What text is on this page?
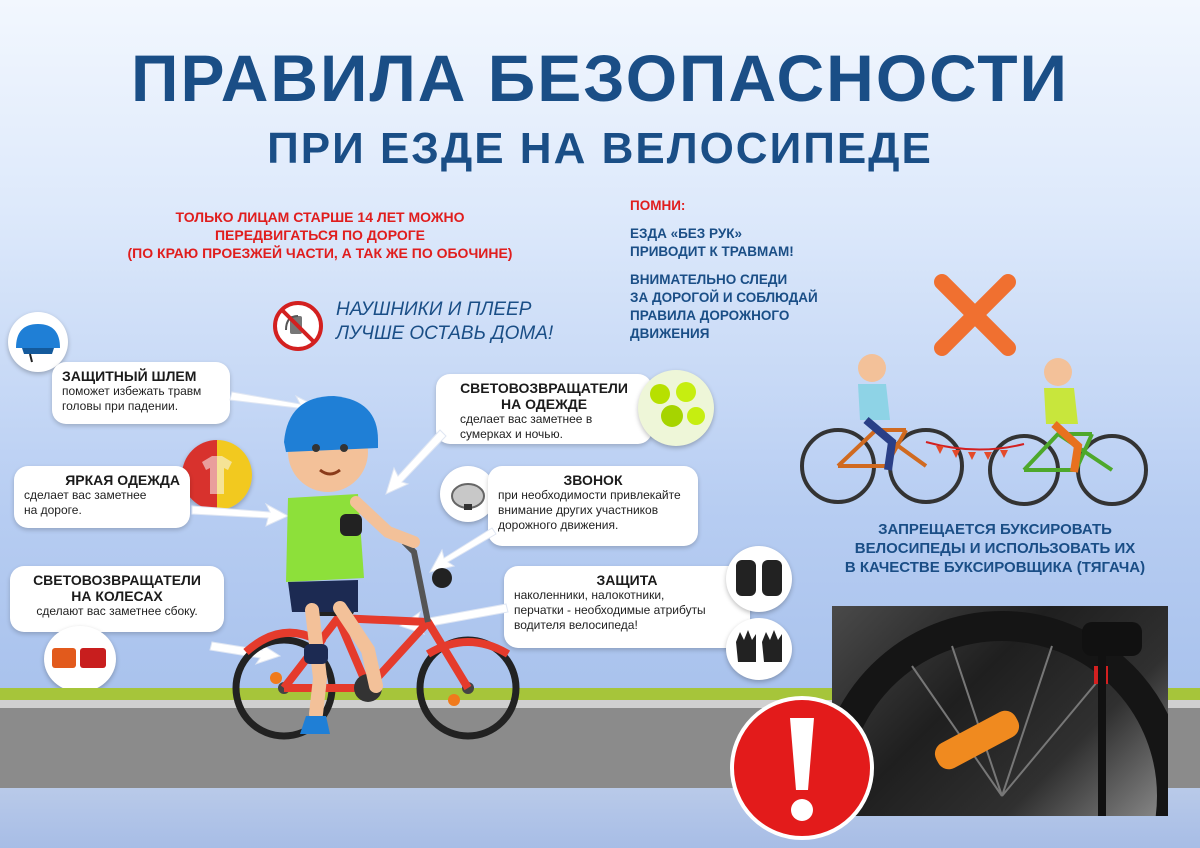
ПРАВИЛА БЕЗОПАСНОСТИ
ПРИ ЕЗДЕ НА ВЕЛОСИПЕДЕ
ТОЛЬКО ЛИЦАМ СТАРШЕ 14 ЛЕТ МОЖНО
ПЕРЕДВИГАТЬСЯ ПО ДОРОГЕ
(ПО КРАЮ ПРОЕЗЖЕЙ ЧАСТИ, А ТАК ЖЕ ПО ОБОЧИНЕ)

ПОМНИ:

ЕЗДА «БЕЗ РУК»
ПРИВОДИТ К ТРАВМАМ!

ВНИМАТЕЛЬНО СЛЕДИ
ЗА ДОРОГОЙ И СОБЛЮДАЙ
ПРАВИЛА ДОРОЖНОГО
ДВИЖЕНИЯ

НАУШНИКИ И ПЛЕЕР
ЛУЧШЕ ОСТАВЬ ДОМА!
ЗАЩИТНЫЙ ШЛЕМ
поможет избежать травм
головы при падении.
ЯРКАЯ ОДЕЖДА
сделает вас заметнее
на дороге.
СВЕТОВОЗВРАЩАТЕЛИ
НА КОЛЕСАХ
сделают вас заметнее сбоку.
СВЕТОВОЗВРАЩАТЕЛИ
НА ОДЕЖДЕ
сделает вас заметнее в
сумерках и ночью.
ЗВОНОК
при необходимости привлекайте
внимание других участников
дорожного движения.
ЗАЩИТА
наколенники, налокотники,
перчатки - необходимые атрибуты
водителя велосипеда!
ЗАПРЕЩАЕТСЯ БУКСИРОВАТЬ
ВЕЛОСИПЕДЫ И ИСПОЛЬЗОВАТЬ ИХ
В КАЧЕСТВЕ БУКСИРОВЩИКА (ТЯГАЧА)
